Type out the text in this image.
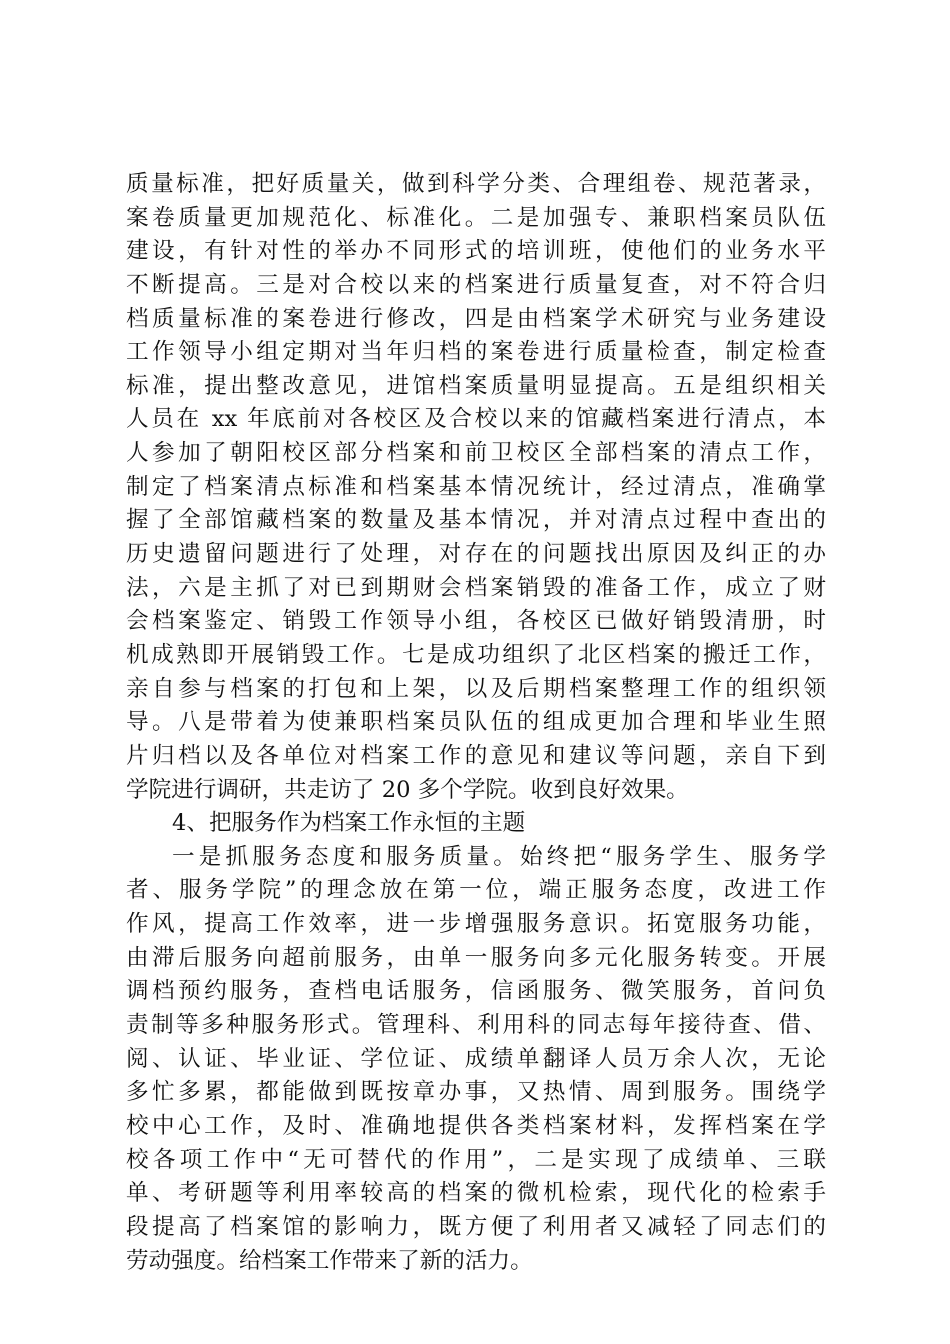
质量标准，把好质量关，做到科学分类、合理组卷、规范著录，
案卷质量更加规范化、标准化。二是加强专、兼职档案员队伍
建设，有针对性的举办不同形式的培训班，使他们的业务水平
不断提高。三是对合校以来的档案进行质量复查，对不符合归
档质量标准的案卷进行修改，四是由档案学术研究与业务建设
工作领导小组定期对当年归档的案卷进行质量检查，制定检查
标准，提出整改意见，进馆档案质量明显提高。五是组织相关
人员在 xx 年底前对各校区及合校以来的馆藏档案进行清点，本
人参加了朝阳校区部分档案和前卫校区全部档案的清点工作，
制定了档案清点标准和档案基本情况统计，经过清点，准确掌
握了全部馆藏档案的数量及基本情况，并对清点过程中查出的
历史遗留问题进行了处理，对存在的问题找出原因及纠正的办
法，六是主抓了对已到期财会档案销毁的准备工作，成立了财
会档案鉴定、销毁工作领导小组，各校区已做好销毁清册，时
机成熟即开展销毁工作。七是成功组织了北区档案的搬迁工作，
亲自参与档案的打包和上架，以及后期档案整理工作的组织领
导。八是带着为使兼职档案员队伍的组成更加合理和毕业生照
片归档以及各单位对档案工作的意见和建议等问题，亲自下到
学院进行调研，共走访了 20 多个学院。收到良好效果。
4、把服务作为档案工作永恒的主题
一是抓服务态度和服务质量。始终把“服务学生、服务学
者、服务学院”的理念放在第一位，端正服务态度，改进工作
作风，提高工作效率，进一步增强服务意识。拓宽服务功能，
由滞后服务向超前服务，由单一服务向多元化服务转变。开展
调档预约服务，查档电话服务，信函服务、微笑服务，首问负
责制等多种服务形式。管理科、利用科的同志每年接待查、借、
阅、认证、毕业证、学位证、成绩单翻译人员万余人次，无论
多忙多累，都能做到既按章办事，又热情、周到服务。围绕学
校中心工作，及时、准确地提供各类档案材料，发挥档案在学
校各项工作中“无可替代的作用”，二是实现了成绩单、三联
单、考研题等利用率较高的档案的微机检索，现代化的检索手
段提高了档案馆的影响力，既方便了利用者又减轻了同志们的
劳动强度。给档案工作带来了新的活力。
